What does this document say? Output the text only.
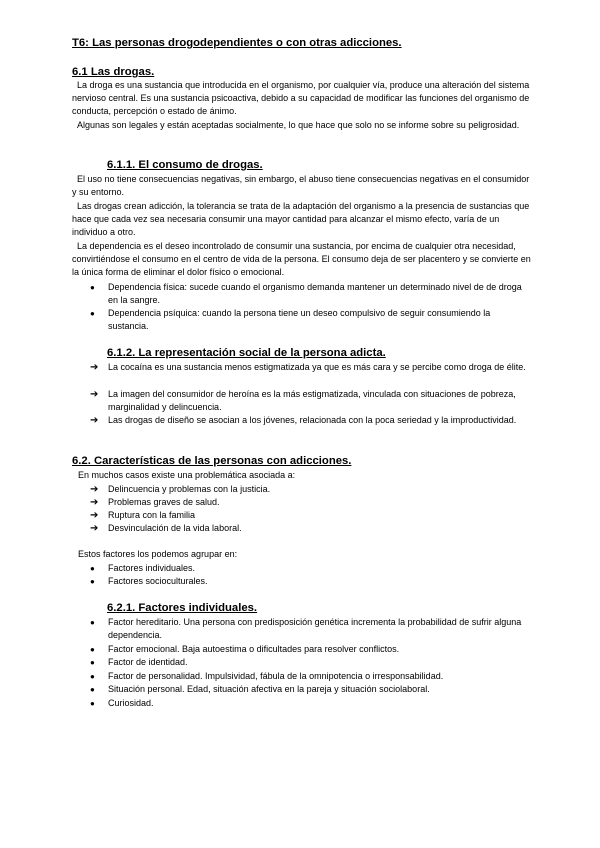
T6: Las personas drogodependientes o con otras adicciones.
6.1 Las drogas.
La droga es una sustancia que introducida en el organismo, por cualquier vía, produce una alteración del sistema nervioso central. Es una sustancia psicoactiva, debido a su capacidad de modificar las funciones del organismo de conducta, percepción o estado de ánimo.
Algunas son legales y están aceptadas socialmente, lo que hace que solo no se informe sobre su peligrosidad.
6.1.1. El consumo de drogas.
El uso no tiene consecuencias negativas, sin embargo, el abuso tiene consecuencias negativas en el consumidor y su entorno.
Las drogas crean adicción, la tolerancia se trata de la adaptación del organismo a la presencia de sustancias que hace que cada vez sea necesaria consumir una mayor cantidad para alcanzar el mismo efecto, varía de un individuo a otro.
La dependencia es el deseo incontrolado de consumir una sustancia, por encima de cualquier otra necesidad, convirtiéndose el consumo en el centro de vida de la persona. El consumo deja de ser placentero y se convierte en la única forma de eliminar el dolor físico o emocional.
●	Dependencia física: sucede cuando el organismo demanda mantener un determinado nivel de de droga en la sangre.
●	Dependencia psíquica: cuando la persona tiene un deseo compulsivo de seguir consumiendo la sustancia.
6.1.2. La representación social de la persona adicta.
➔	La cocaína es una sustancia menos estigmatizada ya que es más cara y se percibe como droga de élite.
➔	La imagen del consumidor de heroína es la más estigmatizada, vinculada con situaciones de pobreza, marginalidad y delincuencia.
➔	Las drogas de diseño se asocian a los jóvenes, relacionada con la poca seriedad y la improductividad.
6.2. Características de las personas con adicciones.
En muchos casos existe una problemática asociada a:
➔	Delincuencia y problemas con la justicia.
➔	Problemas graves de salud.
➔	Ruptura con la familia
➔	Desvinculación de la vida laboral.
Estos factores los podemos agrupar en:
●	Factores individuales.
●	Factores socioculturales.
6.2.1. Factores individuales.
●	Factor hereditario. Una persona con predisposición genética incrementa la probabilidad de sufrir alguna dependencia.
●	Factor emocional. Baja autoestima o dificultades para resolver conflictos.
●	Factor de identidad.
●	Factor de personalidad. Impulsividad, fábula de la omnipotencia o irresponsabilidad.
●	Situación personal. Edad, situación afectiva en la pareja y situación sociolaboral.
●	Curiosidad.
